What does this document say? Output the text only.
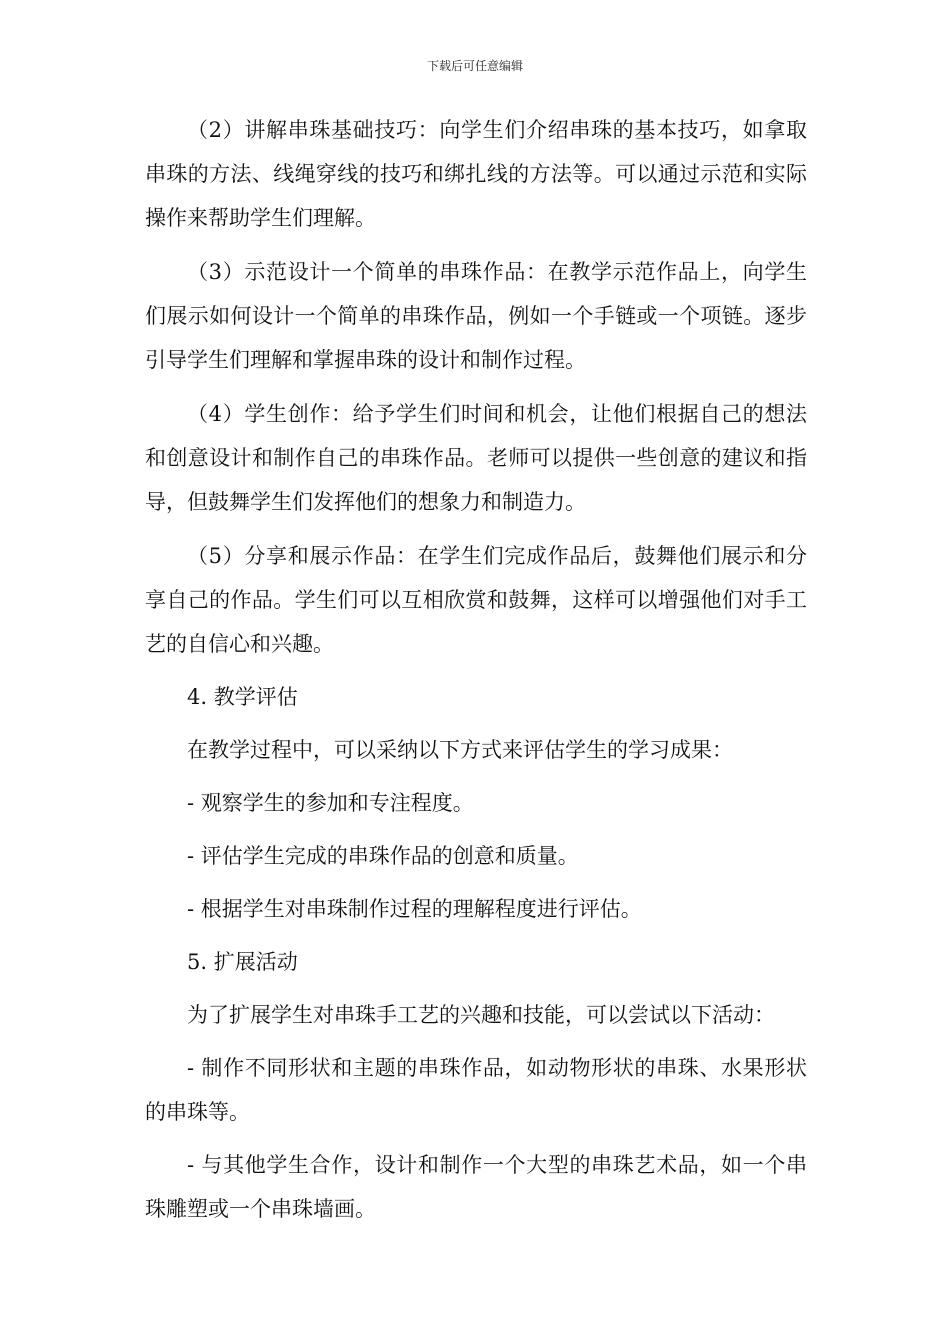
下载后可任意编辑

（2）讲解串珠基础技巧：向学生们介绍串珠的基本技巧，如拿取串珠的方法、线绳穿线的技巧和绑扎线的方法等。可以通过示范和实际操作来帮助学生们理解。

（3）示范设计一个简单的串珠作品：在教学示范作品上，向学生们展示如何设计一个简单的串珠作品，例如一个手链或一个项链。逐步引导学生们理解和掌握串珠的设计和制作过程。

（4）学生创作：给予学生们时间和机会，让他们根据自己的想法和创意设计和制作自己的串珠作品。老师可以提供一些创意的建议和指导，但鼓舞学生们发挥他们的想象力和制造力。

（5）分享和展示作品：在学生们完成作品后，鼓舞他们展示和分享自己的作品。学生们可以互相欣赏和鼓舞，这样可以增强他们对手工艺的自信心和兴趣。

4. 教学评估

在教学过程中，可以采纳以下方式来评估学生的学习成果：

- 观察学生的参加和专注程度。

- 评估学生完成的串珠作品的创意和质量。

- 根据学生对串珠制作过程的理解程度进行评估。

5. 扩展活动

为了扩展学生对串珠手工艺的兴趣和技能，可以尝试以下活动：

- 制作不同形状和主题的串珠作品，如动物形状的串珠、水果形状的串珠等。

- 与其他学生合作，设计和制作一个大型的串珠艺术品，如一个串珠雕塑或一个串珠墙画。
